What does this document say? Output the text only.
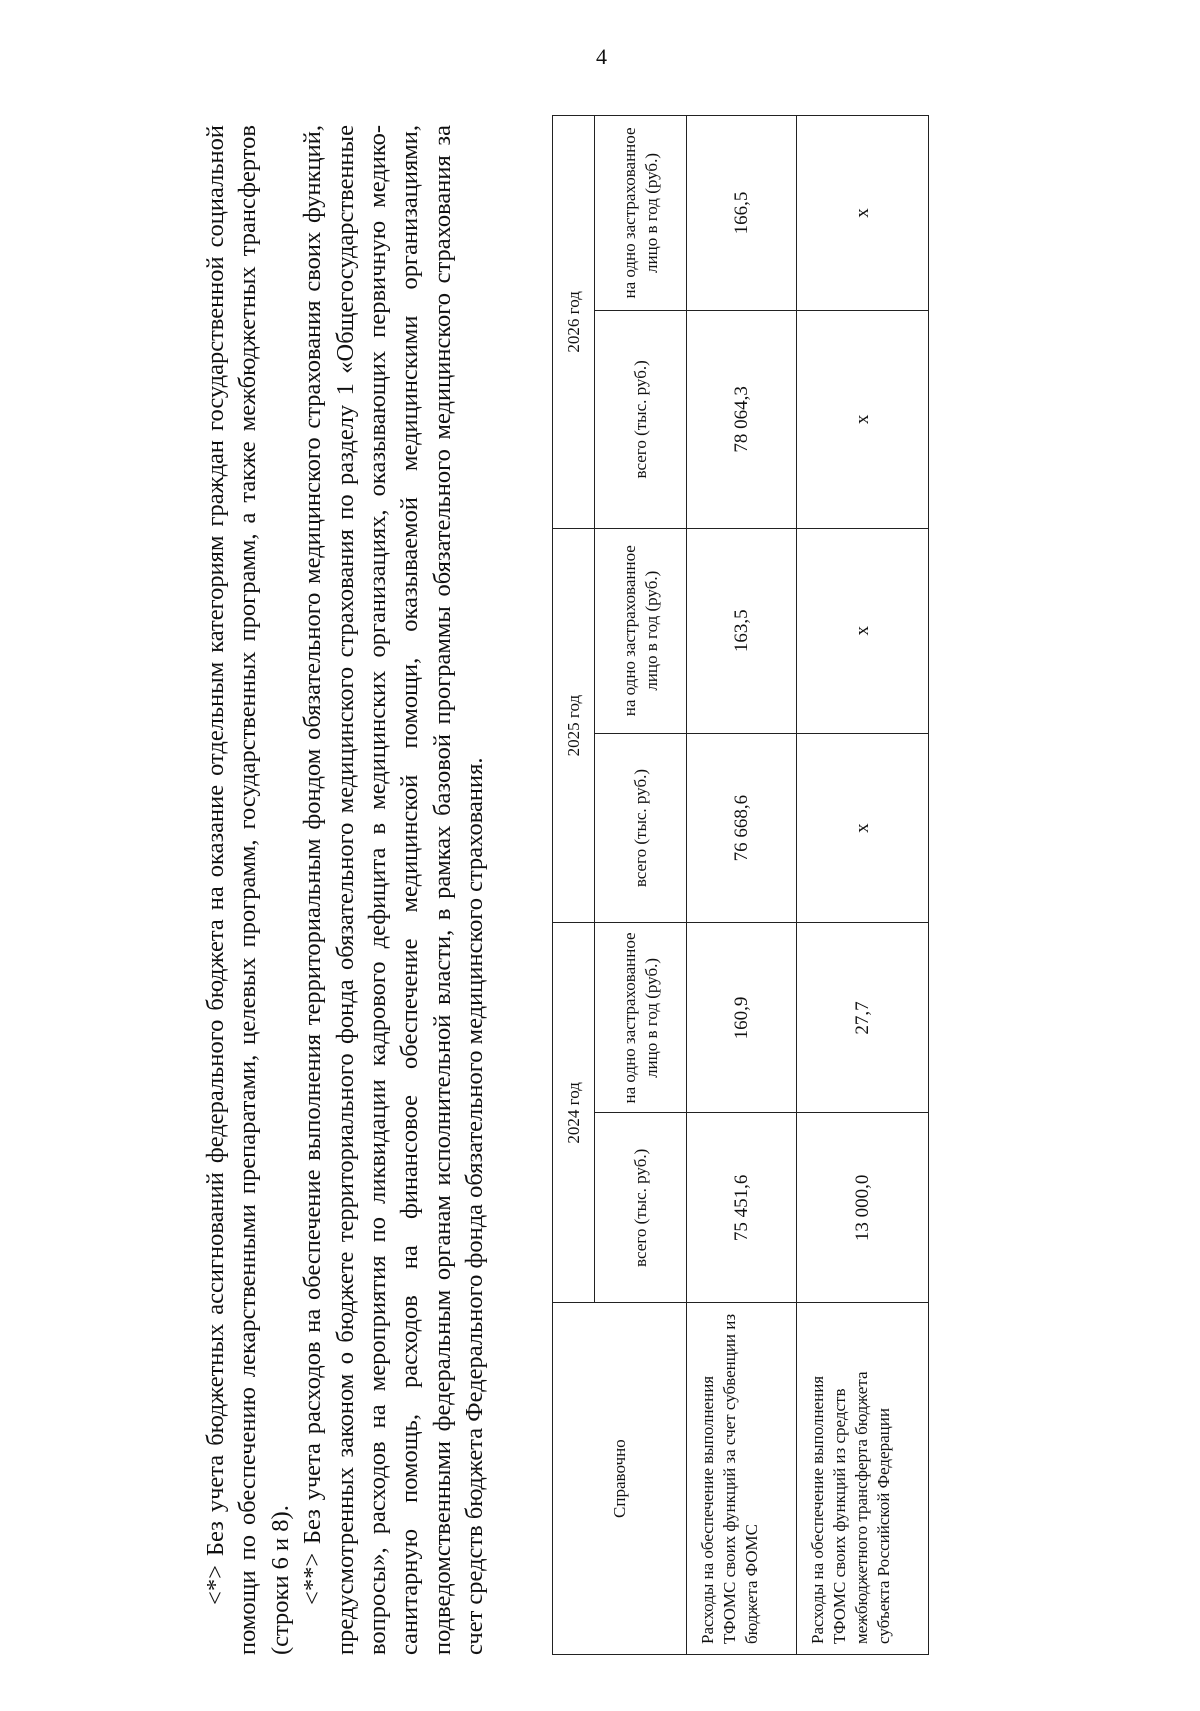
4

<*> Без учета бюджетных ассигнований федерального бюджета на оказание отдельным категориям граждан государственной социальной помощи по обеспечению лекарственными препаратами, целевых программ, государственных программ, а также межбюджетных трансфертов (строки 6 и 8). <**> Без учета расходов на обеспечение выполнения территориальным фондом обязательного медицинского страхования своих функций, предусмотренных законом о бюджете территориального фонда обязательного медицинского страхования по разделу 1 «Общегосударственные вопросы», расходов на мероприятия по ликвидации кадрового дефицита в медицинских организациях, оказывающих первичную медико-санитарную помощь, расходов на финансовое обеспечение медицинской помощи, оказываемой медицинскими организациями, подведомственными федеральным органам исполнительной власти, в рамках базовой программы обязательного медицинского страхования за счет средств бюджета Федерального фонда обязательного медицинского страхования.	Справочно	2024 год		2025 год		2026 год	
	всего (тыс. руб.)	на одно застрахованное лицо в год (руб.)	всего (тыс. руб.)	на одно застрахованное лицо в год (руб.)	всего (тыс. руб.)	на одно застрахованное лицо в год (руб.)
Расходы на обеспечение выполнения ТФОМС своих функций за счет субвенции из бюджета ФОМС	75 451,6	160,9	76 668,6	163,5	78 064,3	166,5
Расходы на обеспечение выполнения ТФОМС своих функций из средств межбюджетного трансферта бюджета субъекта Российской Федерации	13 000,0	27,7	x	x	x	x
